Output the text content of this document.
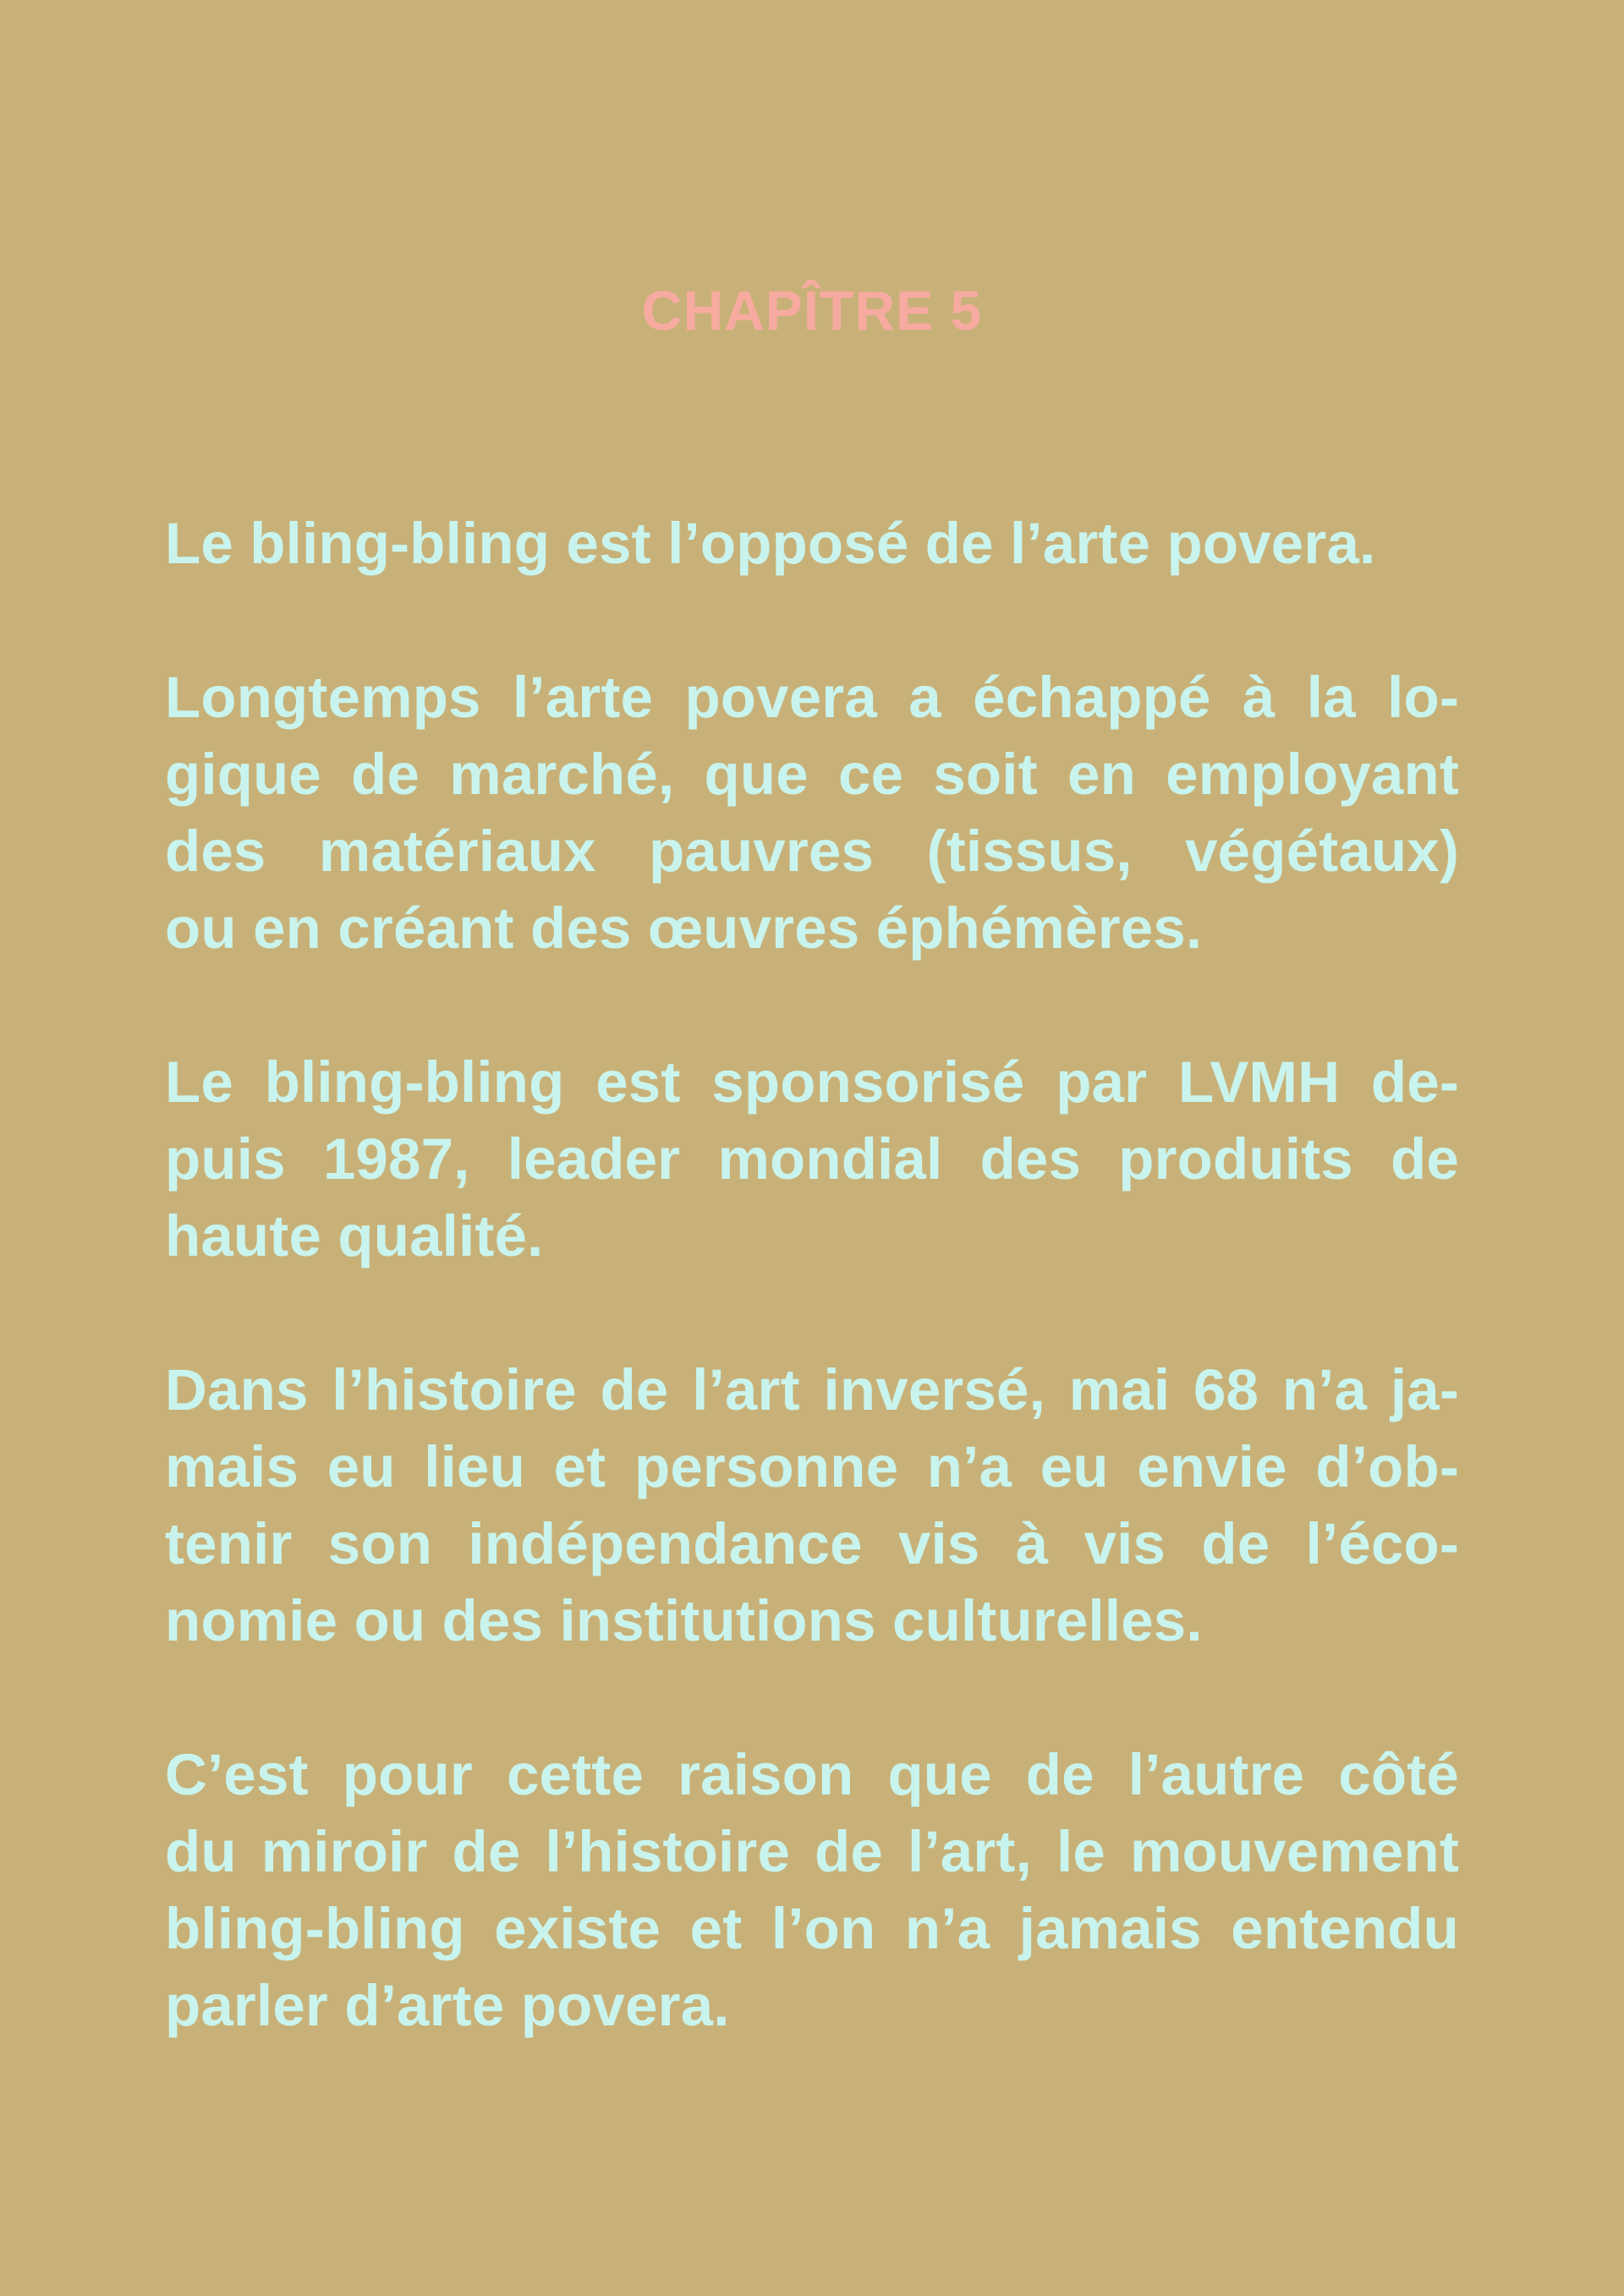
CHAPÎTRE 5

Le bling-bling est l’opposé de l’arte povera.

Longtemps l’arte povera a échappé à la lo-
gique de marché, que ce soit en employant
des matériaux pauvres (tissus, végétaux)
ou en créant des œuvres éphémères.

Le bling-bling est sponsorisé par LVMH de-
puis 1987, leader mondial des produits de
haute qualité.

Dans l’histoire de l’art inversé, mai 68 n’a ja-
mais eu lieu et personne n’a eu envie d’ob-
tenir son indépendance vis à vis de l’éco-
nomie ou des institutions culturelles.

C’est pour cette raison que de l’autre côté
du miroir de l’histoire de l’art, le mouvement
bling-bling existe et l’on n’a jamais entendu
parler d’arte povera.
